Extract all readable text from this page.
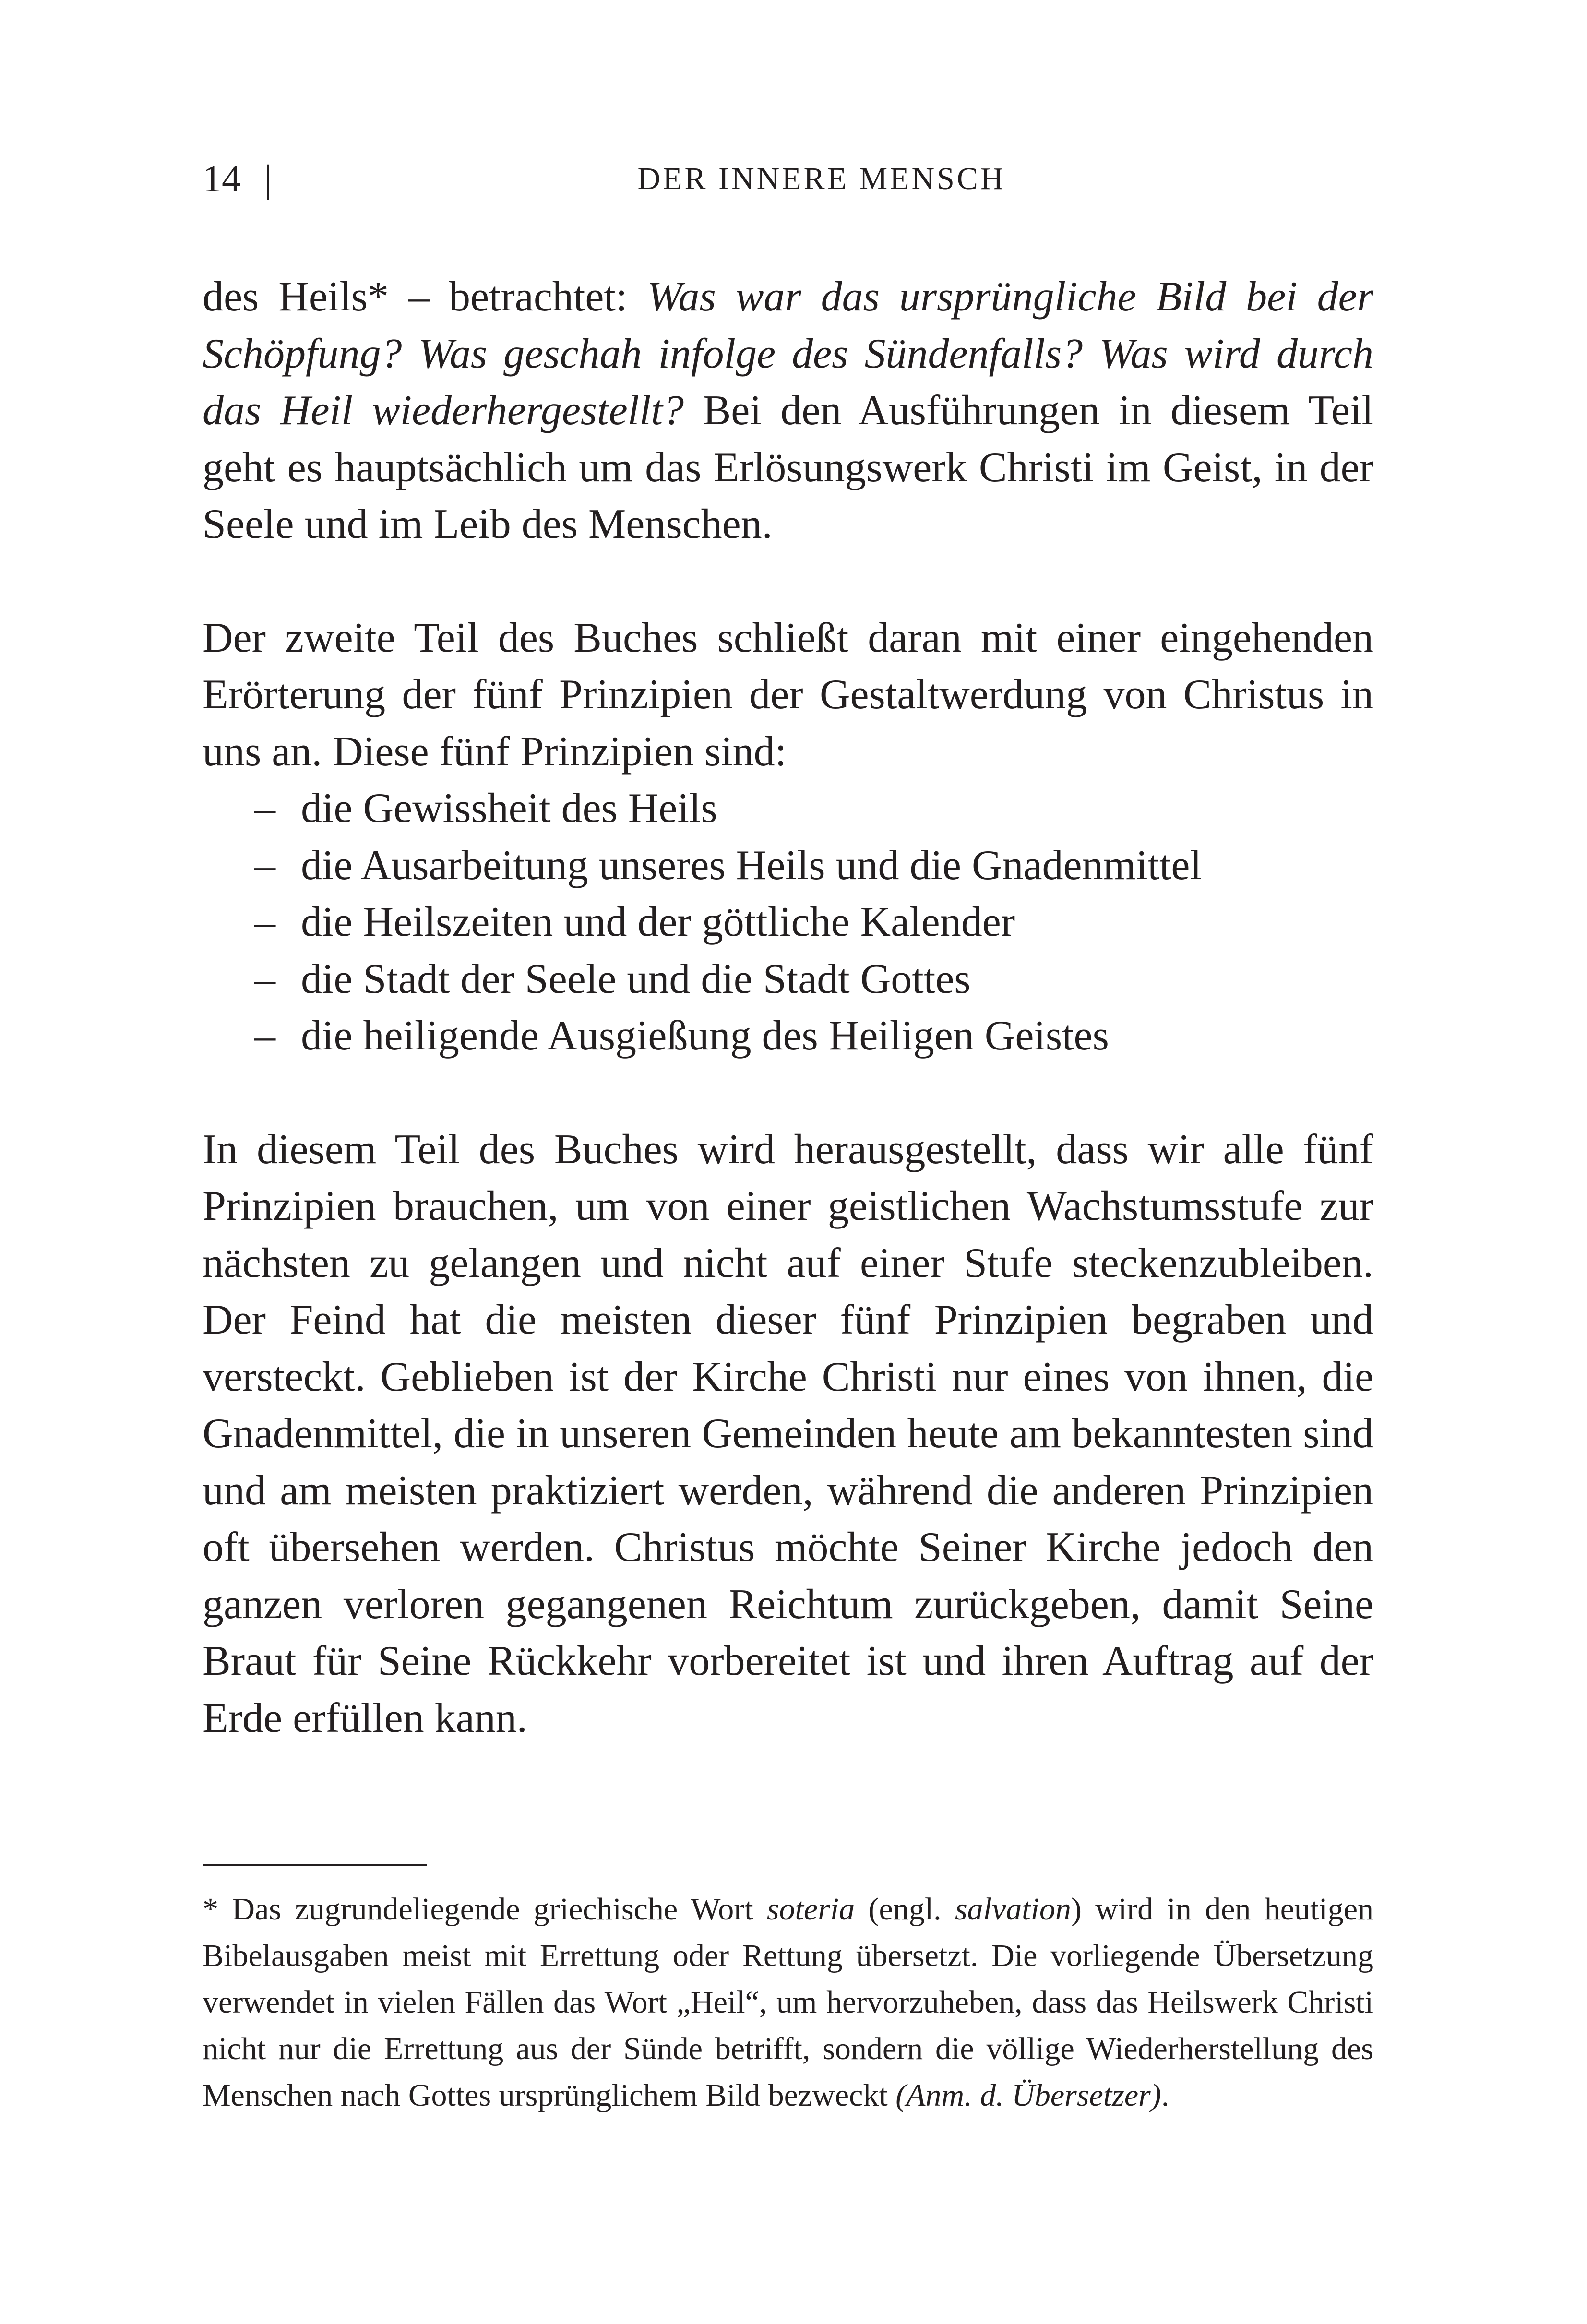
14 |	DER INNERE MENSCH

des Heils* – betrachtet: Was war das ursprüngliche Bild bei der Schöpfung? Was geschah infolge des Sündenfalls? Was wird durch das Heil wiederhergestellt? Bei den Ausführungen in diesem Teil geht es hauptsächlich um das Erlösungswerk Christi im Geist, in der Seele und im Leib des Menschen.

Der zweite Teil des Buches schließt daran mit einer eingehenden Erörterung der fünf Prinzipien der Gestaltwerdung von Christus in uns an. Diese fünf Prinzipien sind:

– die Gewissheit des Heils
– die Ausarbeitung unseres Heils und die Gnadenmittel
– die Heilszeiten und der göttliche Kalender
– die Stadt der Seele und die Stadt Gottes
– die heiligende Ausgießung des Heiligen Geistes

In diesem Teil des Buches wird herausgestellt, dass wir alle fünf Prinzipien brauchen, um von einer geistlichen Wachstumsstufe zur nächsten zu gelangen und nicht auf einer Stufe steckenzubleiben. Der Feind hat die meisten dieser fünf Prinzipien begraben und versteckt. Geblieben ist der Kirche Christi nur eines von ihnen, die Gnadenmittel, die in unseren Gemeinden heute am bekanntesten sind und am meisten praktiziert werden, während die anderen Prinzipien oft übersehen werden. Christus möchte Seiner Kirche jedoch den ganzen verloren gegangenen Reichtum zurückgeben, damit Seine Braut für Seine Rückkehr vorbereitet ist und ihren Auftrag auf der Erde erfüllen kann.

* Das zugrundeliegende griechische Wort soteria (engl. salvation) wird in den heutigen Bibelausgaben meist mit Errettung oder Rettung übersetzt. Die vorliegende Übersetzung verwendet in vielen Fällen das Wort „Heil“, um hervorzuheben, dass das Heilswerk Christi nicht nur die Errettung aus der Sünde betrifft, sondern die völlige Wiederherstellung des Menschen nach Gottes ursprünglichem Bild bezweckt (Anm. d. Übersetzer).
